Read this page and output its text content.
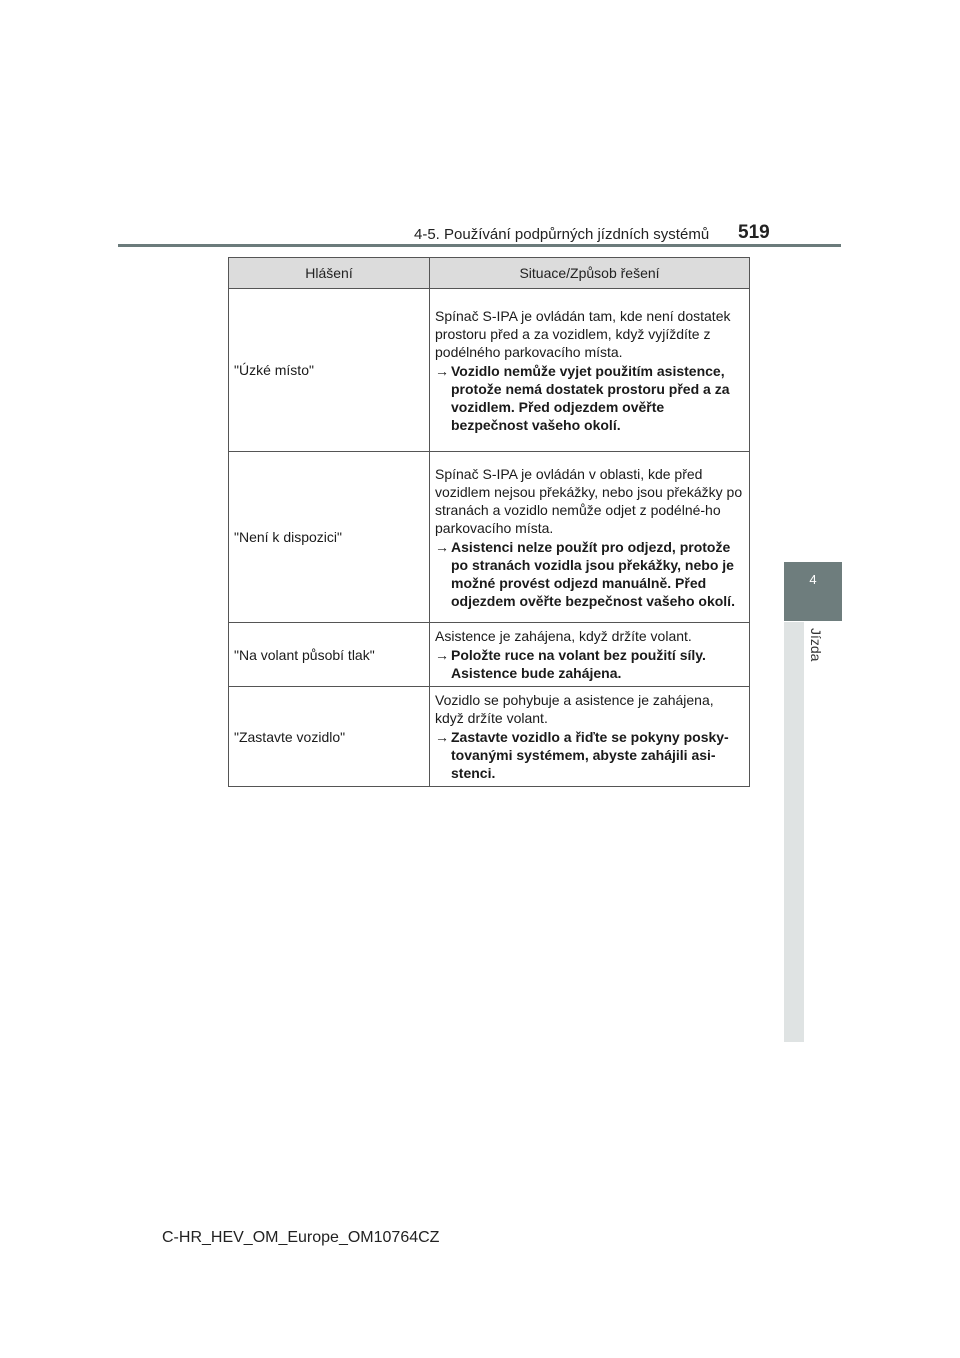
4-5. Používání podpůrných jízdních systémů 519
4
Jízda
Hlášení	Situace/Způsob řešení
"Úzké místo"	Spínač S-IPA je ovládán tam, kde není dostatek prostoru před a za vozidlem, když vyjíždíte z podélného parkovacího místa.
→ Vozidlo nemůže vyjet použitím asistence, protože nemá dostatek prostoru před a za vozidlem. Před odjezdem ověřte bezpečnost vašeho okolí.

"Není k dispozici"	Spínač S-IPA je ovládán v oblasti, kde před vozidlem nejsou překážky, nebo jsou překážky po stranách a vozidlo nemůže odjet z podélné-ho parkovacího místa.
→ Asistenci nelze použít pro odjezd, protože po stranách vozidla jsou překážky, nebo je možné provést odjezd manuálně. Před odjezdem ověřte bezpečnost vašeho okolí.

"Na volant působí tlak"	Asistence je zahájena, když držíte volant.
→ Položte ruce na volant bez použití síly. Asistence bude zahájena.

"Zastavte vozidlo"	Vozidlo se pohybuje a asistence je zahájena, když držíte volant.
→ Zastavte vozidlo a řiďte se pokyny posky-tovanými systémem, abyste zahájili asi-stenci.
C-HR_HEV_OM_Europe_OM10764CZ
